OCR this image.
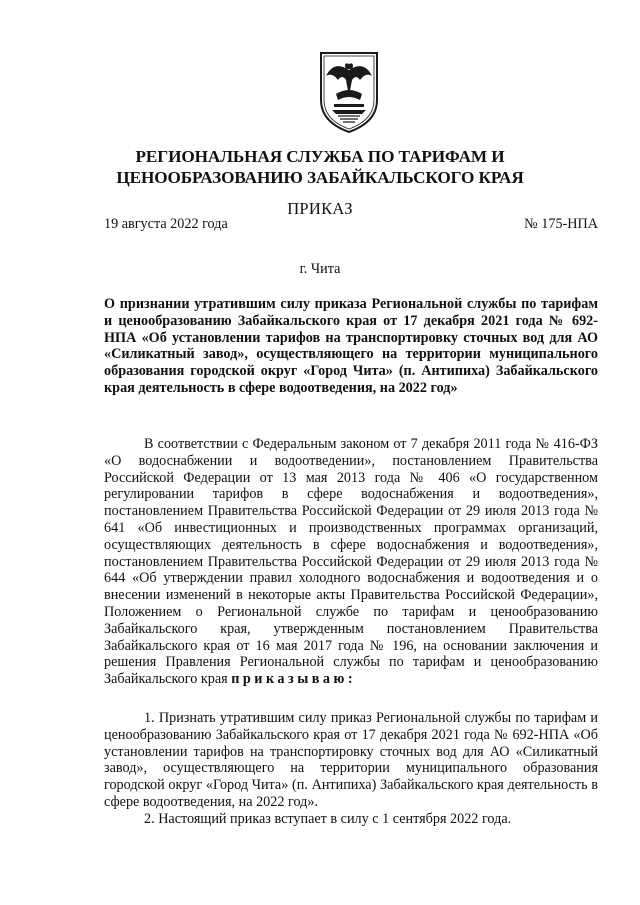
РЕГИОНАЛЬНАЯ СЛУЖБА ПО ТАРИФАМ И
ЦЕНООБРАЗОВАНИЮ ЗАБАЙКАЛЬСКОГО КРАЯ
ПРИКАЗ
19 августа 2022 года	№ 175-НПА
г. Чита

О признании утратившим силу приказа Региональной службы по тарифам и ценообразованию Забайкальского края от 17 декабря 2021 года № 692-НПА «Об установлении тарифов на транспортировку сточных вод для АО «Силикатный завод», осуществляющего на территории муниципального образования городской округ «Город Чита» (п. Антипиха) Забайкальского края деятельность в сфере водоотведения, на 2022 год»

В соответствии с Федеральным законом от 7 декабря 2011 года № 416-ФЗ «О водоснабжении и водоотведении», постановлением Правительства Российской Федерации от 13 мая 2013 года № 406 «О государственном регулировании тарифов в сфере водоснабжения и водоотведения», постановлением Правительства Российской Федерации от 29 июля 2013 года № 641 «Об инвестиционных и производственных программах организаций, осуществляющих деятельность в сфере водоснабжения и водоотведения», постановлением Правительства Российской Федерации от 29 июля 2013 года № 644 «Об утверждении правил холодного водоснабжения и водоотведения и о внесении изменений в некоторые акты Правительства Российской Федерации», Положением о Региональной службе по тарифам и ценообразованию Забайкальского края, утвержденным постановлением Правительства Забайкальского края от 16 мая 2017 года № 196, на основании заключения и решения Правления Региональной службы по тарифам и ценообразованию Забайкальского края приказываю:

1. Признать утратившим силу приказ Региональной службы по тарифам и ценообразованию Забайкальского края от 17 декабря 2021 года № 692-НПА «Об установлении тарифов на транспортировку сточных вод для АО «Силикатный завод», осуществляющего на территории муниципального образования городской округ «Город Чита» (п. Антипиха) Забайкальского края деятельность в сфере водоотведения, на 2022 год».

2. Настоящий приказ вступает в силу с 1 сентября 2022 года.
